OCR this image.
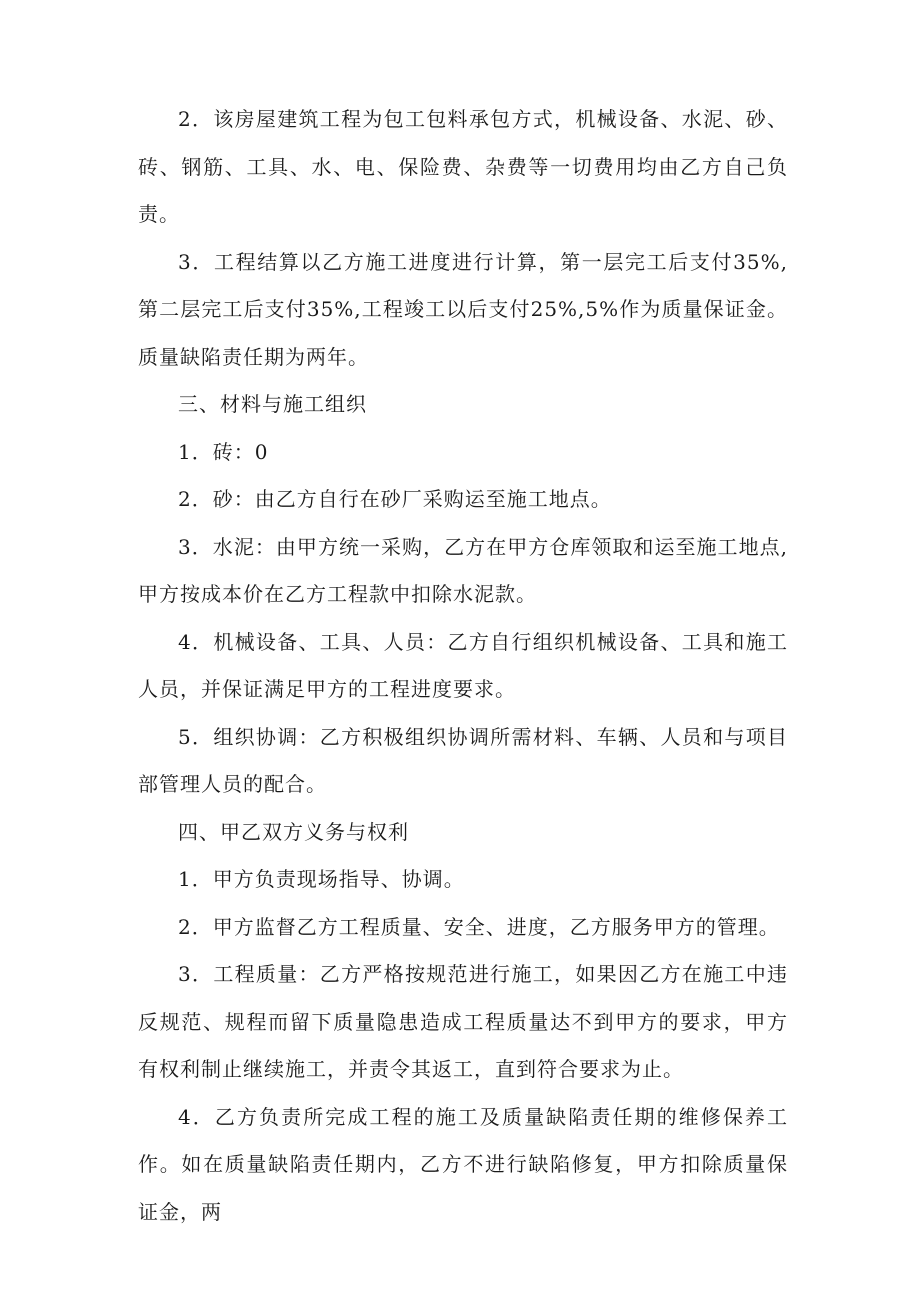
2．该房屋建筑工程为包工包料承包方式，机械设备、水泥、砂、砖、钢筋、工具、水、电、保险费、杂费等一切费用均由乙方自己负责。

3．工程结算以乙方施工进度进行计算，第一层完工后支付35%,第二层完工后支付35%,工程竣工以后支付25%,5%作为质量保证金。质量缺陷责任期为两年。

三、材料与施工组织

1．砖：0

2．砂：由乙方自行在砂厂采购运至施工地点。

3．水泥：由甲方统一采购，乙方在甲方仓库领取和运至施工地点,甲方按成本价在乙方工程款中扣除水泥款。

4．机械设备、工具、人员：乙方自行组织机械设备、工具和施工人员，并保证满足甲方的工程进度要求。

5．组织协调：乙方积极组织协调所需材料、车辆、人员和与项目部管理人员的配合。

四、甲乙双方义务与权利

1．甲方负责现场指导、协调。

2．甲方监督乙方工程质量、安全、进度，乙方服务甲方的管理。

3．工程质量：乙方严格按规范进行施工，如果因乙方在施工中违反规范、规程而留下质量隐患造成工程质量达不到甲方的要求，甲方有权利制止继续施工，并责令其返工，直到符合要求为止。

4．乙方负责所完成工程的施工及质量缺陷责任期的维修保养工作。如在质量缺陷责任期内，乙方不进行缺陷修复，甲方扣除质量保证金，两
